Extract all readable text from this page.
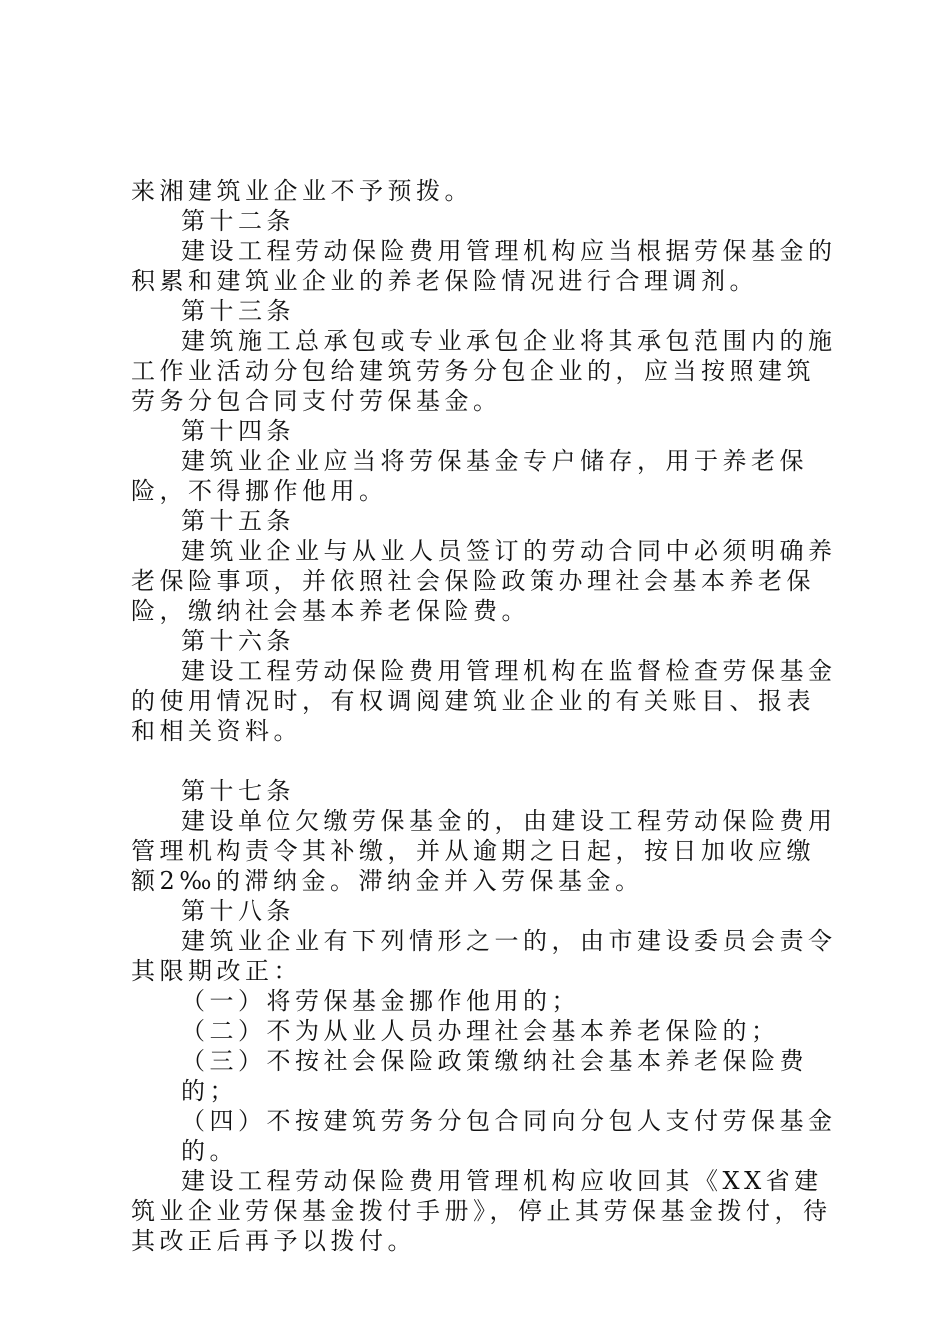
来湘建筑业企业不予预拨。

第十二条

建设工程劳动保险费用管理机构应当根据劳保基金的积累和建筑业企业的养老保险情况进行合理调剂。

第十三条

建筑施工总承包或专业承包企业将其承包范围内的施工作业活动分包给建筑劳务分包企业的，应当按照建筑劳务分包合同支付劳保基金。

第十四条

建筑业企业应当将劳保基金专户储存，用于养老保险，不得挪作他用。

第十五条

建筑业企业与从业人员签订的劳动合同中必须明确养老保险事项，并依照社会保险政策办理社会基本养老保险，缴纳社会基本养老保险费。

第十六条

建设工程劳动保险费用管理机构在监督检查劳保基金的使用情况时，有权调阅建筑业企业的有关账目、报表和相关资料。

第十七条

建设单位欠缴劳保基金的，由建设工程劳动保险费用管理机构责令其补缴，并从逾期之日起，按日加收应缴额2‰的滞纳金。滞纳金并入劳保基金。

第十八条

建筑业企业有下列情形之一的，由市建设委员会责令其限期改正：

（一）将劳保基金挪作他用的；

（二）不为从业人员办理社会基本养老保险的；

（三）不按社会保险政策缴纳社会基本养老保险费的；

（四）不按建筑劳务分包合同向分包人支付劳保基金的。

建设工程劳动保险费用管理机构应收回其《XX省建筑业企业劳保基金拨付手册》，停止其劳保基金拨付，待其改正后再予以拨付。
